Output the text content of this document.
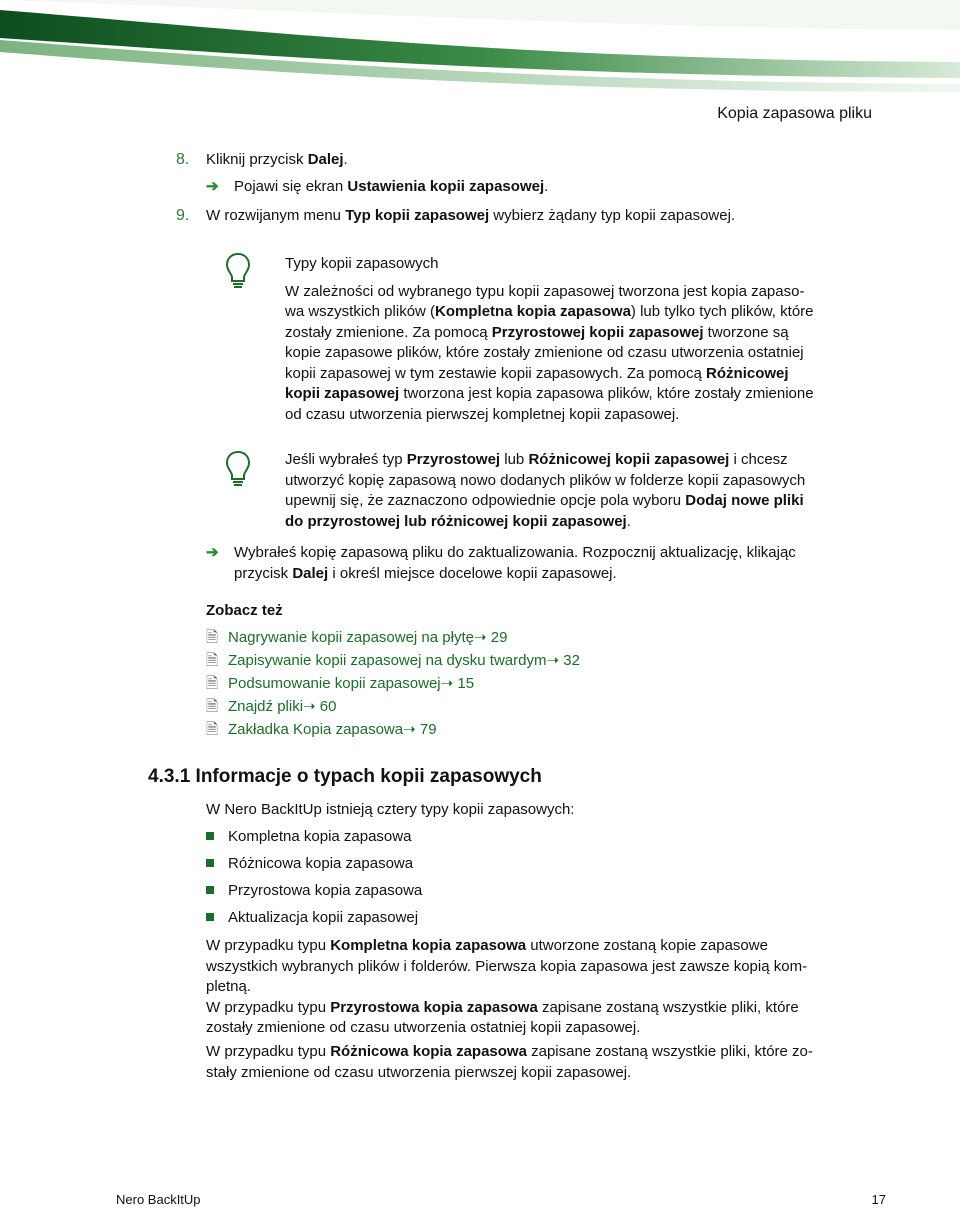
Kopia zapasowa pliku
8. Kliknij przycisk Dalej.
➔ Pojawi się ekran Ustawienia kopii zapasowej.
9. W rozwijanym menu Typ kopii zapasowej wybierz żądany typ kopii zapasowej.
Typy kopii zapasowych
W zależności od wybranego typu kopii zapasowej tworzona jest kopia zapaso-
wa wszystkich plików (Kompletna kopia zapasowa) lub tylko tych plików, które
zostały zmienione. Za pomocą Przyrostowej kopii zapasowej tworzone są
kopie zapasowe plików, które zostały zmienione od czasu utworzenia ostatniej
kopii zapasowej w tym zestawie kopii zapasowych. Za pomocą Różnicowej
kopii zapasowej tworzona jest kopia zapasowa plików, które zostały zmienione
od czasu utworzenia pierwszej kompletnej kopii zapasowej.
Jeśli wybrałeś typ Przyrostowej lub Różnicowej kopii zapasowej i chcesz
utworzyć kopię zapasową nowo dodanych plików w folderze kopii zapasowych
upewnij się, że zaznaczono odpowiednie opcje pola wyboru Dodaj nowe pliki
do przyrostowej lub różnicowej kopii zapasowej.
➔ Wybrałeś kopię zapasową pliku do zaktualizowania. Rozpocznij aktualizację, klikając
przycisk Dalej i określ miejsce docelowe kopii zapasowej.
Zobacz też
🗎 Nagrywanie kopii zapasowej na płytę➝ 29
🗎 Zapisywanie kopii zapasowej na dysku twardym➝ 32
🗎 Podsumowanie kopii zapasowej➝ 15
🗎 Znajdź pliki➝ 60
🗎 Zakładka Kopia zapasowa➝ 79
4.3.1 Informacje o typach kopii zapasowych
W Nero BackItUp istnieją cztery typy kopii zapasowych:
Kompletna kopia zapasowa
Różnicowa kopia zapasowa
Przyrostowa kopia zapasowa
Aktualizacja kopii zapasowej
W przypadku typu Kompletna kopia zapasowa utworzone zostaną kopie zapasowe
wszystkich wybranych plików i folderów. Pierwsza kopia zapasowa jest zawsze kopią kom-
pletną.
W przypadku typu Przyrostowa kopia zapasowa zapisane zostaną wszystkie pliki, które
zostały zmienione od czasu utworzenia ostatniej kopii zapasowej.
W przypadku typu Różnicowa kopia zapasowa zapisane zostaną wszystkie pliki, które zo-
stały zmienione od czasu utworzenia pierwszej kopii zapasowej.
Nero BackItUp	17
